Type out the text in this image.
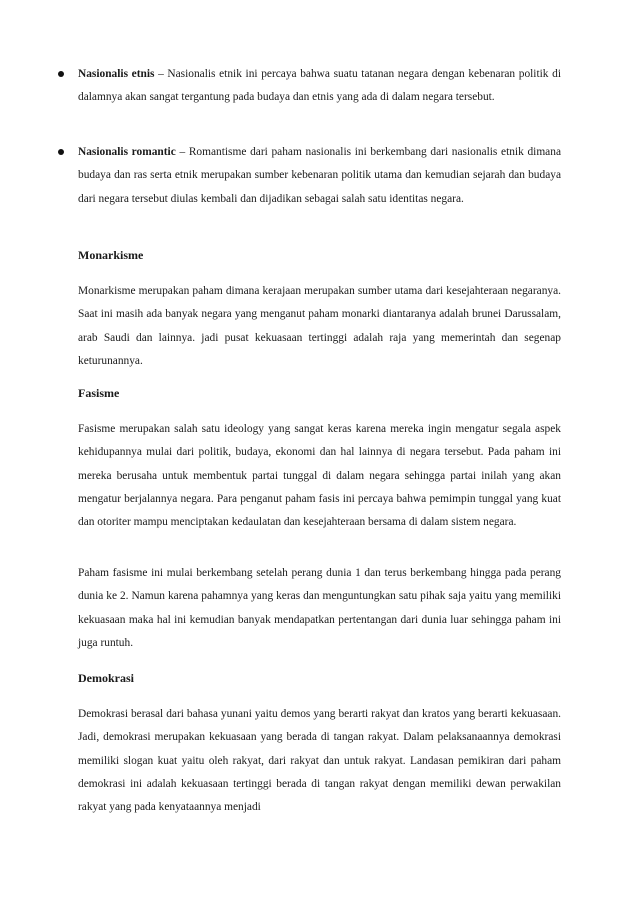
Nasionalis etnis – Nasionalis etnik ini percaya bahwa suatu tatanan negara dengan kebenaran politik di dalamnya akan sangat tergantung pada budaya dan etnis yang ada di dalam negara tersebut.
Nasionalis romantic – Romantisme dari paham nasionalis ini berkembang dari nasionalis etnik dimana budaya dan ras serta etnik merupakan sumber kebenaran politik utama dan kemudian sejarah dan budaya dari negara tersebut diulas kembali dan dijadikan sebagai salah satu identitas negara.
Monarkisme
Monarkisme merupakan paham dimana kerajaan merupakan sumber utama dari kesejahteraan negaranya. Saat ini masih ada banyak negara yang menganut paham monarki diantaranya adalah brunei Darussalam, arab Saudi dan lainnya. jadi pusat kekuasaan tertinggi adalah raja yang memerintah dan segenap keturunannya.
Fasisme
Fasisme merupakan salah satu ideology yang sangat keras karena mereka ingin mengatur segala aspek kehidupannya mulai dari politik, budaya, ekonomi dan hal lainnya di negara tersebut. Pada paham ini mereka berusaha untuk membentuk partai tunggal di dalam negara sehingga partai inilah yang akan mengatur berjalannya negara. Para penganut paham fasis ini percaya bahwa pemimpin tunggal yang kuat dan otoriter mampu menciptakan kedaulatan dan kesejahteraan bersama di dalam sistem negara.
Paham fasisme ini mulai berkembang setelah perang dunia 1 dan terus berkembang hingga pada perang dunia ke 2. Namun karena pahamnya yang keras dan menguntungkan satu pihak saja yaitu yang memiliki kekuasaan maka hal ini kemudian banyak mendapatkan pertentangan dari dunia luar sehingga paham ini juga runtuh.
Demokrasi
Demokrasi berasal dari bahasa yunani yaitu demos yang berarti rakyat dan kratos yang berarti kekuasaan. Jadi, demokrasi merupakan kekuasaan yang berada di tangan rakyat. Dalam pelaksanaannya demokrasi memiliki slogan kuat yaitu oleh rakyat, dari rakyat dan untuk rakyat. Landasan pemikiran dari paham demokrasi ini adalah kekuasaan tertinggi berada di tangan rakyat dengan memiliki dewan perwakilan rakyat yang pada kenyataannya menjadi
